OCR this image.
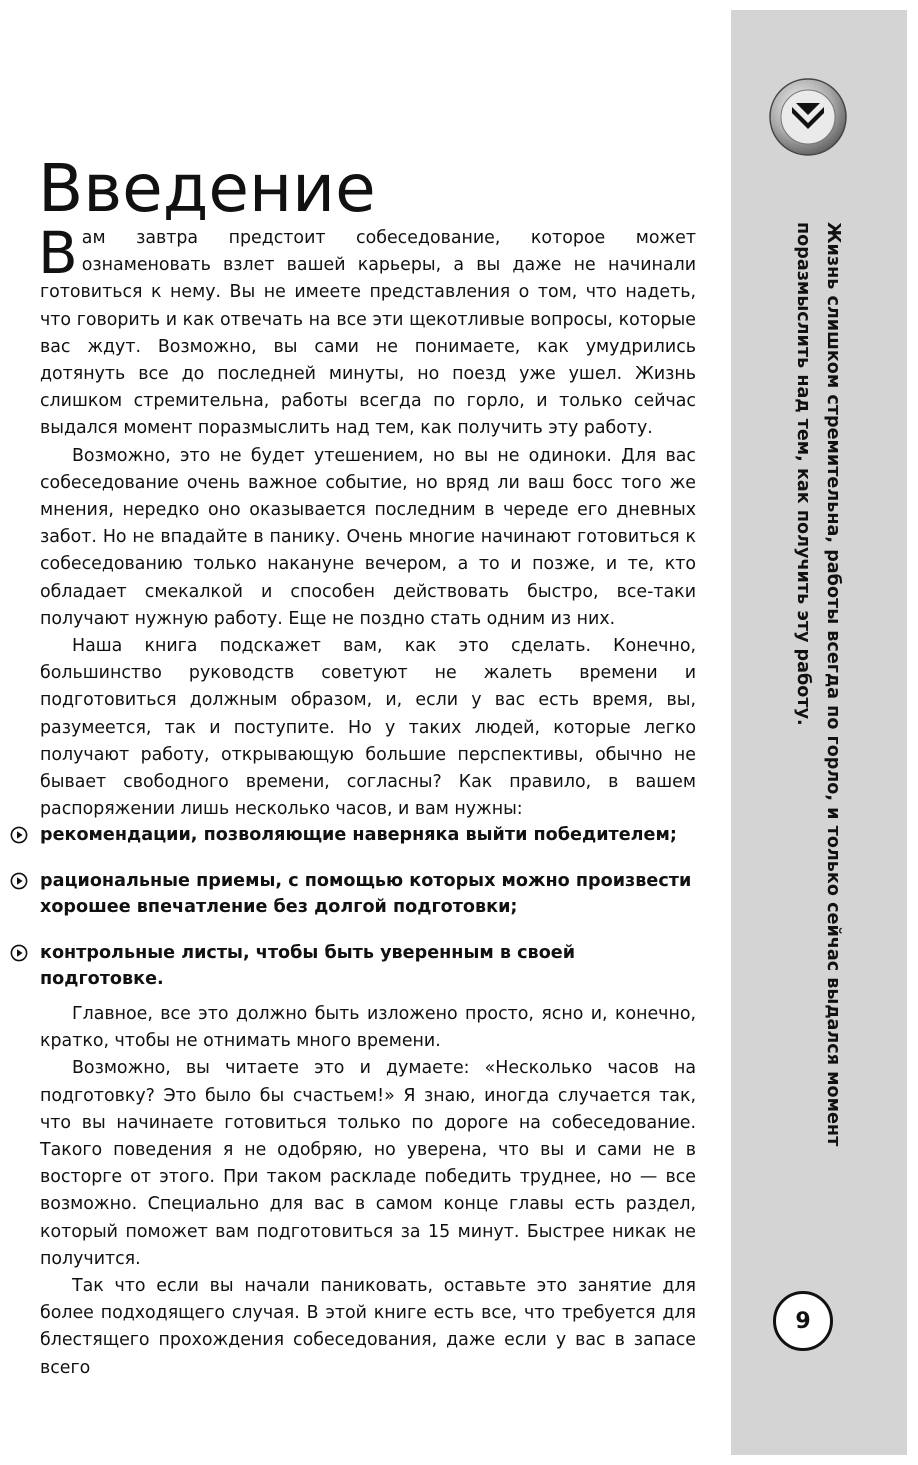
Введение

Вам завтра предстоит собеседование, которое может ознаменовать взлет вашей карьеры, а вы даже не начинали готовиться к нему. Вы не имеете представления о том, что надеть, что говорить и как отвечать на все эти щекотливые вопросы, которые вас ждут. Возможно, вы сами не понимаете, как умудрились дотянуть все до последней минуты, но поезд уже ушел. Жизнь слишком стремительна, работы всегда по горло, и только сейчас выдался момент поразмыслить над тем, как получить эту работу.

Возможно, это не будет утешением, но вы не одиноки. Для вас собеседование очень важное событие, но вряд ли ваш босс того же мнения, нередко оно оказывается последним в череде его дневных забот. Но не впадайте в панику. Очень многие начинают готовиться к собеседованию только накануне вечером, а то и позже, и те, кто обладает смекалкой и способен действовать быстро, все-таки получают нужную работу. Еще не поздно стать одним из них.

Наша книга подскажет вам, как это сделать. Конечно, большинство руководств советуют не жалеть времени и подготовиться должным образом, и, если у вас есть время, вы, разумеется, так и поступите. Но у таких людей, которые легко получают работу, открывающую большие перспективы, обычно не бывает свободного времени, согласны? Как правило, в вашем распоряжении лишь несколько часов, и вам нужны:

рекомендации, позволяющие наверняка выйти победителем;
рациональные приемы, с помощью которых можно произвести хорошее впечатление без долгой подготовки;
контрольные листы, чтобы быть уверенным в своей подготовке.

Главное, все это должно быть изложено просто, ясно и, конечно, кратко, чтобы не отнимать много времени.

Возможно, вы читаете это и думаете: «Несколько часов на подготовку? Это было бы счастьем!» Я знаю, иногда случается так, что вы начинаете готовиться только по дороге на собеседование. Такого поведения я не одобряю, но уверена, что вы и сами не в восторге от этого. При таком раскладе победить труднее, но — все возможно. Специально для вас в самом конце главы есть раздел, который поможет вам подготовиться за 15 минут. Быстрее никак не получится.

Так что если вы начали паниковать, оставьте это занятие для более подходящего случая. В этой книге есть все, что требуется для блестящего прохождения собеседования, даже если у вас в запасе всего

Жизнь слишком стремительна, работы всегда по горло, и только сейчас выдался момент поразмыслить над тем, как получить эту работу.
9
